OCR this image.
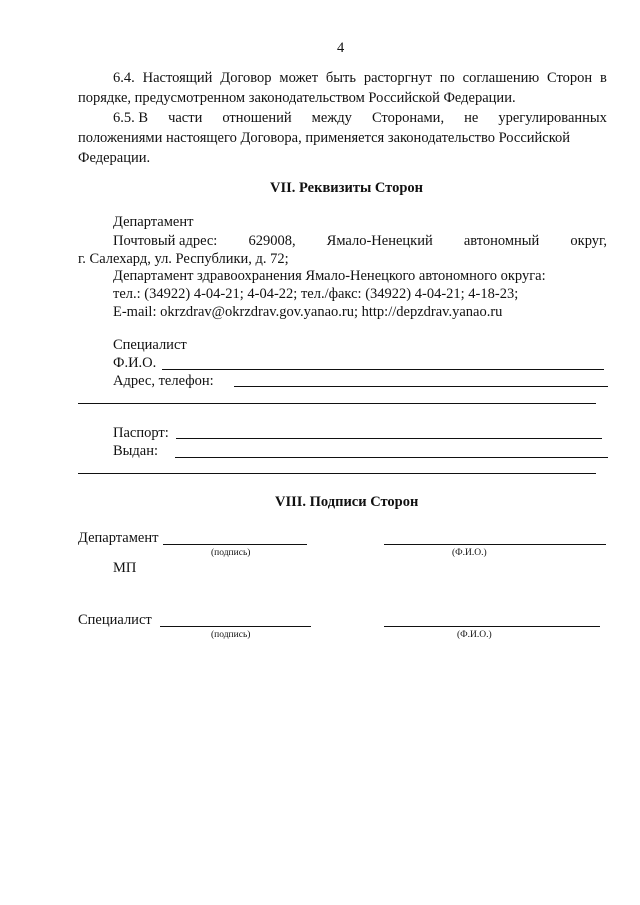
4
6.4. Настоящий Договор может быть расторгнут по соглашению Сторон в
порядке, предусмотренном законодательством Российской Федерации.
6.5. В части отношений между Сторонами, не урегулированных
положениями настоящего Договора, применяется законодательство Российской
Федерации.
VII. Реквизиты Сторон
Департамент
Почтовый адрес: 629008, Ямало-Ненецкий автономный округ,
г. Салехард, ул. Республики, д. 72;
Департамент здравоохранения Ямало-Ненецкого автономного округа:
тел.: (34922) 4-04-21; 4-04-22; тел./факс: (34922) 4-04-21; 4-18-23;
E-mail: okrzdrav@okrzdrav.gov.yanao.ru; http://depzdrav.yanao.ru
Специалист
Ф.И.О.
Адрес, телефон:
Паспорт:
Выдан:
VIII. Подписи Сторон
Департамент
(подпись)	(Ф.И.О.)
МП
Специалист
(подпись)	(Ф.И.О.)
